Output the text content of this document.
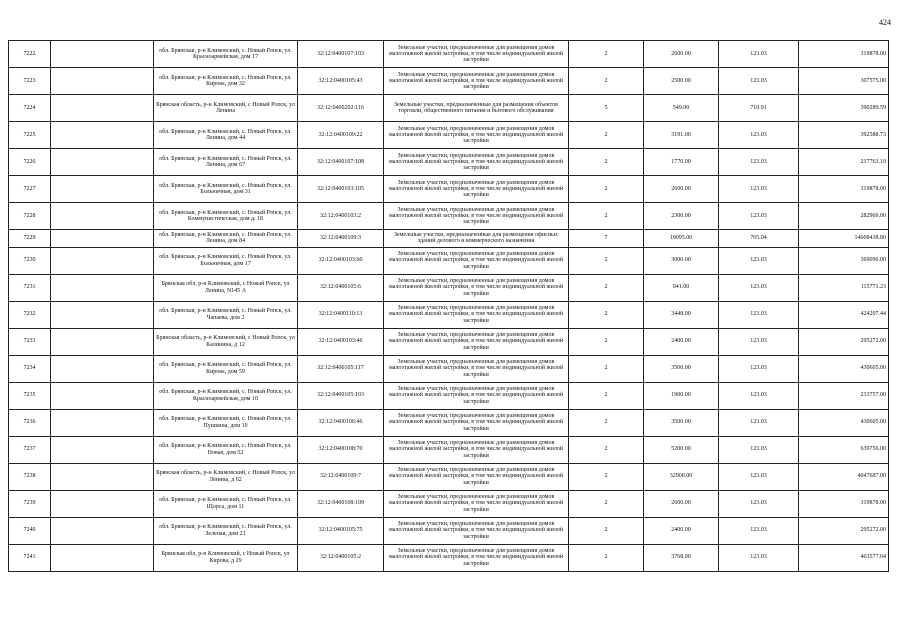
424
7222		обл. Брянская, р-н Климовский, с. Новый Ропск, ул. Красноармейская, дом 17	32:12:0400107:103	Земельные участки, предназначенные для размещения домов малоэтажной жилой застройки, в том числе индивидуальной жилой застройки	2	2600.00	123.03	319878.00
7223		обл. Брянская, р-н Климовский, с. Новый Ропск, ул. Кирова, дом 32	32:12:0400105:43	Земельные участки, предназначенные для размещения домов малоэтажной жилой застройки, в том числе индивидуальной жилой застройки	2	2500.00	123.03	307575.00
7224		Брянская область, р-н Климовский, с Новый Ропск, ул Ленина	32:12:0400202:116	Земельные участки, предназначенные для размещения объектов торговли, общественного питания и бытового обслуживания	5	549.00	710.91	390289.59
7225		обл. Брянская, р-н Климовский, с. Новый Ропск, ул. Ленина, дом 44	32:12:0400109:22	Земельные участки, предназначенные для размещения домов малоэтажной жилой застройки, в том числе индивидуальной жилой застройки	2	3191.00	123.03	392588.73
7226		обл. Брянская, р-н Климовский, с. Новый Ропск, ул. Ленина, дом 67	32:12:0400107:108	Земельные участки, предназначенные для размещения домов малоэтажной жилой застройки, в том числе индивидуальной жилой застройки	2	1770.00	123.03	217763.10
7227		обл. Брянская, р-н Климовский, с. Новый Ропск, ул. Больничная, дом 31	32:12:0400103:105	Земельные участки, предназначенные для размещения домов малоэтажной жилой застройки, в том числе индивидуальной жилой застройки	2	2600.00	123.03	319878.00
7228		обл. Брянская, р-н Климовский, с. Новый Ропск, ул. Коммунистическая, дом д. 18	32:12:0400103:2	Земельные участки, предназначенные для размещения домов малоэтажной жилой застройки, в том числе индивидуальной жилой застройки	2	2300.00	123.03	282969.00
7229		обл. Брянская, р-н Климовский, с. Новый Ропск, ул. Ленина, дом 84	32:12:0400109:3	Земельные участки, предназначенные для размещения офисных зданий делового и коммерческого назначения	7	19095.00	765.04	14608438.80
7230		обл. Брянская, р-н Климовский, с. Новый Ропск, ул. Больничная, дом 17	32:12:0400103:60	Земельные участки, предназначенные для размещения домов малоэтажной жилой застройки, в том числе индивидуальной жилой застройки	2	3000.00	123.03	369090.00
7231		Брянская обл, р-н Климовский, с Новый Ропск, ул Ленина, N145 А	32:12:0400105:6	Земельные участки, предназначенные для размещения домов малоэтажной жилой застройки, в том числе индивидуальной жилой застройки	2	941.00	123.03	115771.23
7232		обл. Брянская, р-н Климовский, с. Новый Ропск, ул. Чапаева, дом 2	32:12:0400110:13	Земельные участки, предназначенные для размещения домов малоэтажной жилой застройки, в том числе индивидуальной жилой застройки	2	3448.00	123.03	424207.44
7233		Брянская область, р-н Климовский, с Новый Ропск, ул Калинина, д 12	32:12:0400103:46	Земельные участки, предназначенные для размещения домов малоэтажной жилой застройки, в том числе индивидуальной жилой застройки	2	2400.00	123.03	295272.00
7234		обл. Брянская, р-н Климовский, с. Новый Ропск, ул. Кирова, дом 59	32:12:0400105:117	Земельные участки, предназначенные для размещения домов малоэтажной жилой застройки, в том числе индивидуальной жилой застройки	2	3500.00	123.03	430605.00
7235		обл. Брянская, р-н Климовский, с. Новый Ропск, ул. Красноармейская, дом 10	32:12:0400105:103	Земельные участки, предназначенные для размещения домов малоэтажной жилой застройки, в том числе индивидуальной жилой застройки	2	1900.00	123.03	233757.00
7236		обл. Брянская, р-н Климовский, с. Новый Ропск, ул. Пушкина, дом 10	32:12:0400106:46	Земельные участки, предназначенные для размещения домов малоэтажной жилой застройки, в том числе индивидуальной жилой застройки	2	3500.00	123.03	430605.00
7237		обл. Брянская, р-н Климовский, с. Новый Ропск, ул. Новая, дом 52	32:12:0400108:70	Земельные участки, предназначенные для размещения домов малоэтажной жилой застройки, в том числе индивидуальной жилой застройки	2	5200.00	123.03	639756.00
7238		Брянская область, р-н Климовский, с Новый Ропск, ул Ленина, д 62	32:12:0400109:7	Земельные участки, предназначенные для размещения домов малоэтажной жилой застройки, в том числе индивидуальной жилой застройки	2	32900.00	123.03	4047687.00
7239		обл. Брянская, р-н Климовский, с. Новый Ропск, ул. Щорса, дом 11	32:12:0400108:109	Земельные участки, предназначенные для размещения домов малоэтажной жилой застройки, в том числе индивидуальной жилой застройки	2	2600.00	123.03	319878.00
7240		обл. Брянская, р-н Климовский, с. Новый Ропск, ул. Зеленая, дом 21	32:12:0400105:75	Земельные участки, предназначенные для размещения домов малоэтажной жилой застройки, в том числе индивидуальной жилой застройки	2	2400.00	123.03	295272.00
7241		Брянская обл, р-н Климовский, с Новый Ропск, ул Кирова, д 29	32:12:0400105:2	Земельные участки, предназначенные для размещения домов малоэтажной жилой застройки, в том числе индивидуальной жилой застройки	2	3768.00	123.03	463577.04
